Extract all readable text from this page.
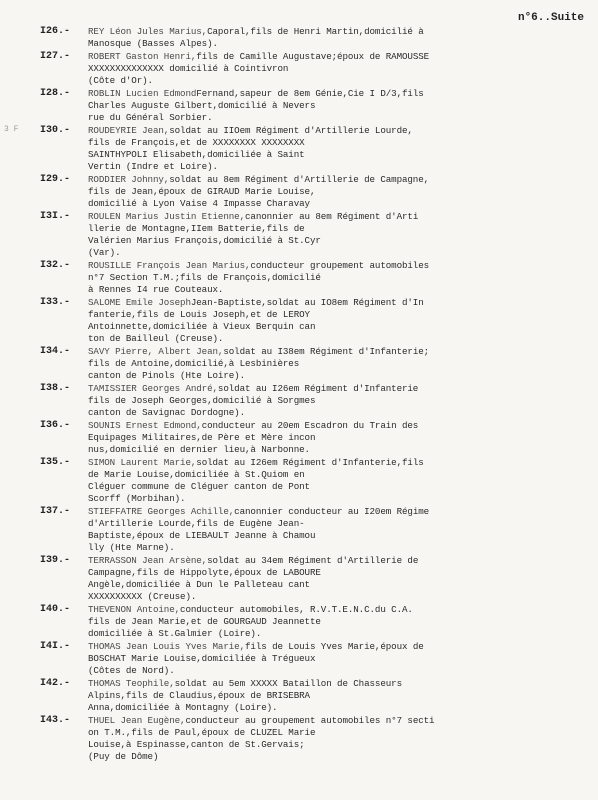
n°6..Suite
I26.-	REY Léon Jules Marius,Caporal,fils de Henri Martin,domicilié à
Manosque (Basses Alpes).
I27.-	ROBERT Gaston Henri,fils de Camille Augustave;époux de RAMOUSSE
XXXXXXXXXXXXXX domicilié à Cointivron
(Côte d'Or).
I28.-	ROBLIN Lucien EdmondFernand,sapeur de 8em Génie,Cie I D/3,fils
Charles Auguste Gilbert,domicilié à Nevers
rue du Général Sorbier.
3 F	I30.-	ROUDEYRIE Jean,soldat au IIOem Régiment d'Artillerie Lourde,
fils de François,et de XXXXXXXX XXXXXXXX
SAINTHYPOLI Elisabeth,domiciliée à Saint
Vertin (Indre et Loire).
I29.-	RODDIER Johnny,soldat au 8em Régiment d'Artillerie de Campagne,
fils de Jean,époux de GIRAUD Marie Louise,
domicilié à Lyon Vaise 4 Impasse Charavay
I3I.-	ROULEN Marius Justin Etienne,canonnier au 8em Régiment d'Arti
llerie de Montagne,IIem Batterie,fils de
Valérien Marius François,domicilié à St.Cyr
(Var).
I32.-	ROUSILLE François Jean Marius,conducteur groupement automobiles
n°7 Section T.M.;fils de François,domicilié
à Rennes I4 rue Couteaux.
I33.-	SALOME Emile JosephJean-Baptiste,soldat au IO8em Régiment d'In
fanterie,fils de Louis Joseph,et de LEROY
Antoinnette,domiciliée à Vieux Berquin can
ton de Bailleul (Creuse).
I34.-	SAVY Pierre, Albert Jean,soldat au I38em Régiment d'Infanterie;
fils de Antoine,domicilié,à Lesbinières
canton de Pinols (Hte Loire).
I38.-	TAMISSIER Georges André,soldat au I26em Régiment d'Infanterie
fils de Joseph Georges,domicilié à Sorgmes
canton de Savignac Dordogne).
I36.-	SOUNIS Ernest Edmond,conducteur au 20em Escadron du Train des
Equipages Militaires,de Père et Mère incon
nus,domicilié en dernier lieu,à Narbonne.
I35.-	SIMON Laurent Marie,soldat au I26em Régiment d'Infanterie,fils
de Marie Louise,domiciliée à St.Quiom en
Cléguer commune de Cléguer canton de Pont
Scorff (Morbihan).
I37.-	STIEFFATRE Georges Achille,canonnier conducteur au I20em Régime
d'Artillerie Lourde,fils de Eugène Jean-
Baptiste,époux de LIEBAULT Jeanne à Chamou
lly (Hte Marne).
I39.-	TERRASSON Jean Arsène,soldat au 34em Régiment d'Artillerie de
Campagne,fils de Hippolyte,époux de LABOURE
Angèle,domiciliée à Dun le Palleteau cant
XXXXXXXXXX (Creuse).
I40.-	THEVENON Antoine,conducteur automobiles, R.V.T.E.N.C.du C.A.
fils de Jean Marie,et de GOURGAUD Jeannette
domiciliée à St.Galmier (Loire).
I4I.-	THOMAS Jean Louis Yves Marie,fils de Louis Yves Marie,époux de
BOSCHAT Marie Louise,domiciliée à Trégueux
(Côtes de Nord).
I42.-	THOMAS Teophile,soldat au 5em XXXXX Bataillon de Chasseurs
Alpins,fils de Claudius,époux de BRISEBRA
Anna,domiciliée à Montagny (Loire).
I43.-	THUEL Jean Eugène,conducteur au groupement automobiles n°7 secti
on T.M.,fils de Paul,époux de CLUZEL Marie
Louise,à Espinasse,canton de St.Gervais;
(Puy de Dôme)
